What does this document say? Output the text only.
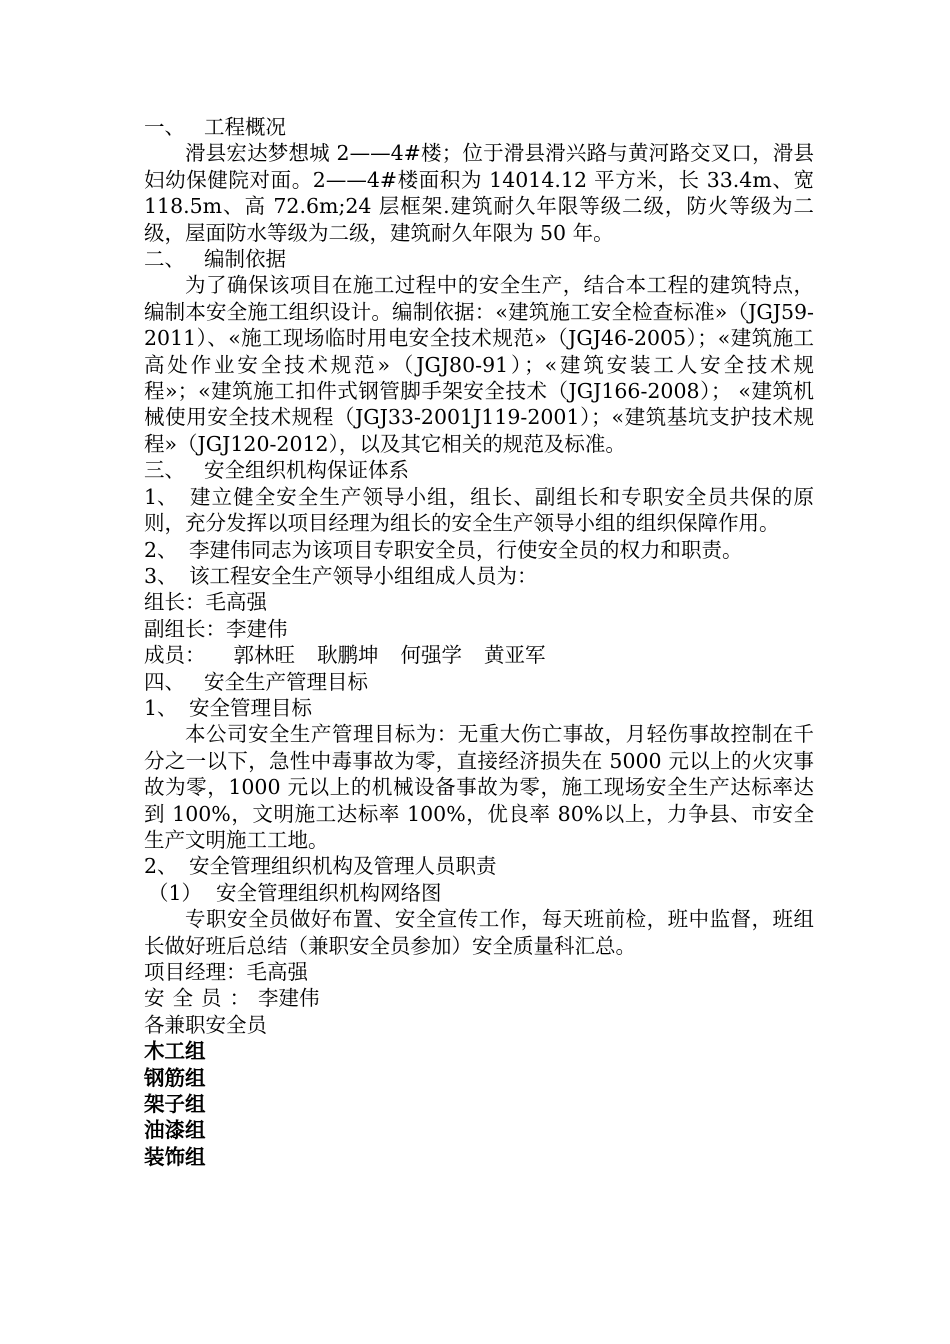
一、 工程概况

滑县宏达梦想城 2——4#楼；位于滑县滑兴路与黄河路交叉口，滑县妇幼保健院对面。2——4#楼面积为 14014.12 平方米，长 33.4m、宽 118.5m、高 72.6m;24 层框架.建筑耐久年限等级二级，防火等级为二级，屋面防水等级为二级，建筑耐久年限为 50 年。

二、 编制依据

为了确保该项目在施工过程中的安全生产，结合本工程的建筑特点，编制本安全施工组织设计。编制依据：«建筑施工安全检查标准»（JGJ59-2011）、«施工现场临时用电安全技术规范»（JGJ46-2005）；«建筑施工高处作业安全技术规范»（JGJ80-91）；«建筑安装工人安全技术规程»；«建筑施工扣件式钢管脚手架安全技术（JGJ166-2008）； «建筑机械使用安全技术规程（JGJ33-2001J119-2001）；«建筑基坑支护技术规程»（JGJ120-2012），以及其它相关的规范及标准。

三、 安全组织机构保证体系

1、 建立健全安全生产领导小组，组长、副组长和专职安全员共保的原则，充分发挥以项目经理为组长的安全生产领导小组的组织保障作用。

2、 李建伟同志为该项目专职安全员，行使安全员的权力和职责。

3、 该工程安全生产领导小组组成人员为：

组长：毛高强

副组长：李建伟

成员： 郭林旺 耿鹏坤 何强学 黄亚军

四、 安全生产管理目标

1、 安全管理目标

本公司安全生产管理目标为：无重大伤亡事故，月轻伤事故控制在千分之一以下，急性中毒事故为零，直接经济损失在 5000 元以上的火灾事故为零，1000 元以上的机械设备事故为零，施工现场安全生产达标率达到 100%，文明施工达标率 100%，优良率 80%以上，力争县、市安全生产文明施工工地。

2、 安全管理组织机构及管理人员职责

（1） 安全管理组织机构网络图

专职安全员做好布置、安全宣传工作，每天班前检，班中监督，班组长做好班后总结（兼职安全员参加）安全质量科汇总。

项目经理：毛高强

安全员：李建伟

各兼职安全员

木工组

钢筋组

架子组

油漆组

装饰组
